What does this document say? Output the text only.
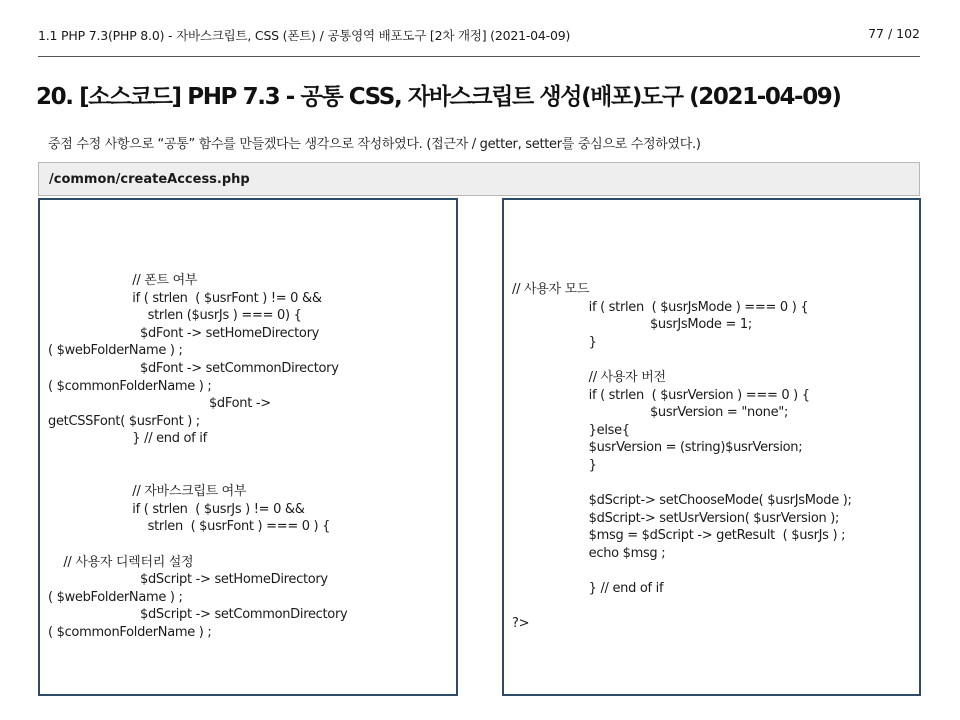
1.1 PHP 7.3(PHP 8.0) - 자바스크립트, CSS (폰트) / 공통영역 배포도구 [2차 개정] (2021-04-09)	77 / 102
20. [소스코드] PHP 7.3 - 공통 CSS, 자바스크립트 생성(배포)도구 (2021-04-09)
중점 수정 사항으로 “공통” 함수를 만들겠다는 생각으로 작성하였다. (접근자 / getter, setter를 중심으로 수정하였다.)
/common/createAccess.php
// 폰트 여부
if ( strlen  ( $usrFont ) != 0 &&
strlen ($usrJs ) === 0) {
$dFont -> setHomeDirectory
( $webFolderName ) ;
$dFont -> setCommonDirectory
( $commonFolderName ) ;
$dFont ->
getCSSFont( $usrFont ) ;
} // end of if
// 자바스크립트 여부
if ( strlen  ( $usrJs ) != 0 &&
strlen  ( $usrFont ) === 0 ) {
// 사용자 디렉터리 설정
$dScript -> setHomeDirectory
( $webFolderName ) ;
$dScript -> setCommonDirectory
( $commonFolderName ) ;
// 사용자 모드
if ( strlen  ( $usrJsMode ) === 0 ) {
$usrJsMode = 1;
}
// 사용자 버전
if ( strlen  ( $usrVersion ) === 0 ) {
$usrVersion = "none";
}else{
$usrVersion = (string)$usrVersion;
}
$dScript-> setChooseMode( $usrJsMode );
$dScript-> setUsrVersion( $usrVersion );
$msg = $dScript -> getResult  ( $usrJs ) ;
echo $msg ;
} // end of if
?>
